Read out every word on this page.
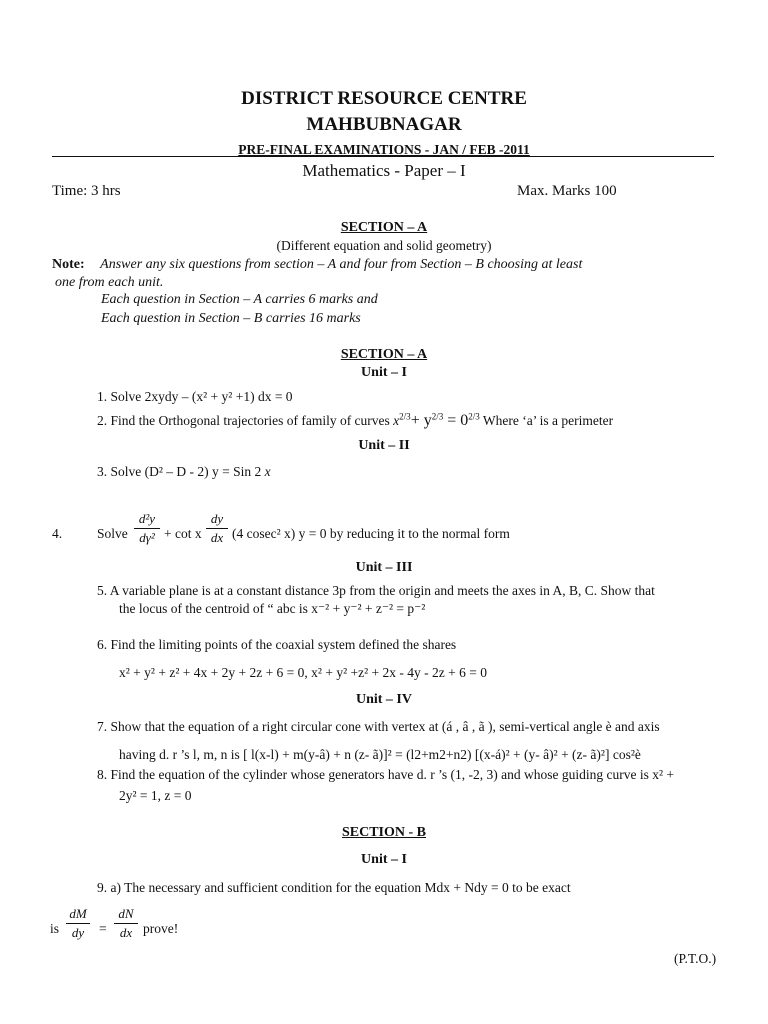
DISTRICT RESOURCE CENTRE
MAHBUBNAGAR
PRE-FINAL EXAMINATIONS - JAN / FEB -2011
Mathematics - Paper – I
Time: 3 hrs	Max. Marks 100
SECTION – A
(Different equation and solid geometry)
Note: Answer any six questions from section – A and four from Section – B choosing at least
one from each unit.
Each question in Section – A carries 6 marks and
Each question in Section – B carries 16 marks
SECTION – A
Unit – I
1. Solve 2xydy – (x² + y² +1) dx = 0
2. Find the Orthogonal trajectories of family of curves $x^{2/3}+ y^{2/3} = 0^{2/3}$ Where ‘a’ is a perimeter
Unit – II
3. Solve (D² – D - 2) y = Sin 2 x
4.	Solve
d²y
dγ² + cot x
dy
dx (4 cosec² x) y = 0 by reducing it to the normal form
Unit – III
5. A variable plane is at a constant distance 3p from the origin and meets the axes in A, B, C. Show that
the locus of the centroid of “ abc is x⁻² + y⁻² + z⁻² = p⁻²
6. Find the limiting points of the coaxial system defined the shares
x² + y² + z² + 4x + 2y + 2z + 6 = 0, x² + y² +z² + 2x - 4y - 2z + 6 = 0
Unit – IV
7. Show that the equation of a right circular cone with vertex at (á , â , ã ), semi-vertical angle è and axis
having d. r ’s l, m, n is [ l(x-l) + m(y-â) + n (z- ã)]² = (l2+m2+n2) [(x-á)² + (y- â)² + (z- ã)²] cos²è
8. Find the equation of the cylinder whose generators have d. r ’s (1, -2, 3) and whose guiding curve is x² +
2y² = 1, z = 0
SECTION - B
Unit – I
9. a) The necessary and sufficient condition for the equation Mdx + Ndy = 0 to be exact
is
dM
dy	=
dN
dx prove!
(P.T.O.)
